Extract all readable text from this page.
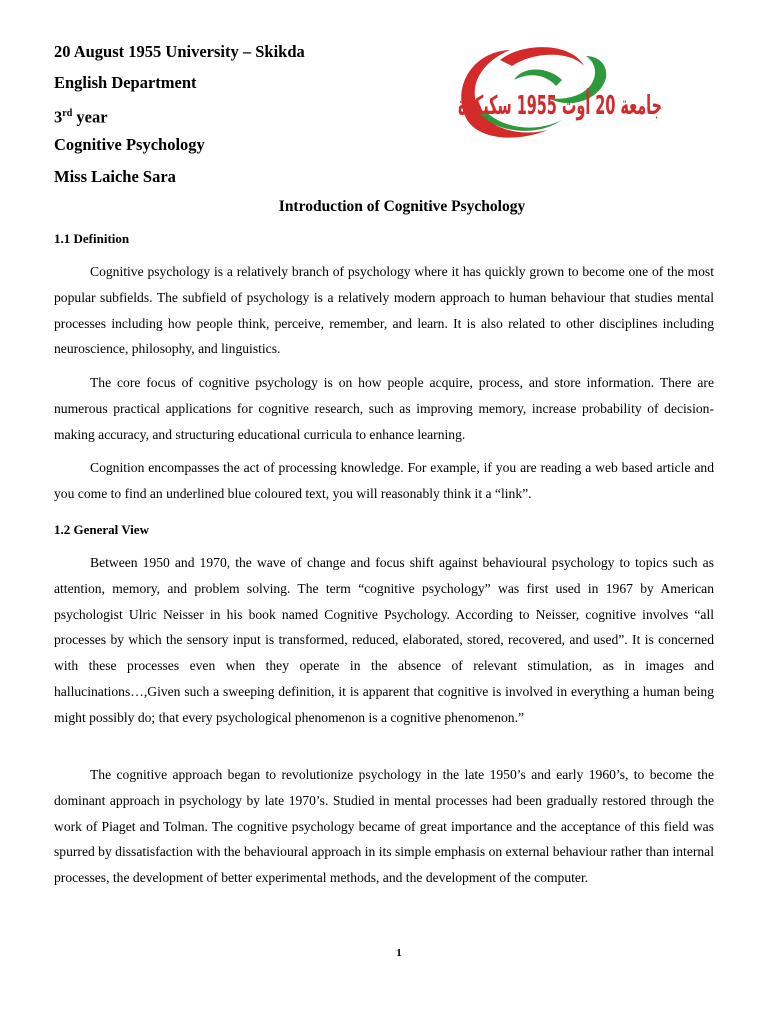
20 August 1955 University – Skikda
English Department
3rd year
Cognitive Psychology
Miss Laiche Sara
جامعة 20 أوت 1955 سكيكدة
Introduction of Cognitive Psychology
1.1 Definition

Cognitive psychology is a relatively branch of psychology where it has quickly grown to become one of the most popular subfields. The subfield of psychology is a relatively modern approach to human behaviour that studies mental processes including how people think, perceive, remember, and learn. It is also related to other disciplines including neuroscience, philosophy, and linguistics.

The core focus of cognitive psychology is on how people acquire, process, and store information. There are numerous practical applications for cognitive research, such as improving memory, increase probability of decision-making accuracy, and structuring educational curricula to enhance learning.

Cognition encompasses the act of processing knowledge. For example, if you are reading a web based article and you come to find an underlined blue coloured text, you will reasonably think it a “link”.

1.2 General View

Between 1950 and 1970, the wave of change and focus shift against behavioural psychology to topics such as attention, memory, and problem solving. The term “cognitive psychology” was first used in 1967 by American psychologist Ulric Neisser in his book named Cognitive Psychology. According to Neisser, cognitive involves “all processes by which the sensory input is transformed, reduced, elaborated, stored, recovered, and used”. It is concerned with these processes even when they operate in the absence of relevant stimulation, as in images and hallucinations…,Given such a sweeping definition, it is apparent that cognitive is involved in everything a human being might possibly do; that every psychological phenomenon is a cognitive phenomenon.”

The cognitive approach began to revolutionize psychology in the late 1950’s and early 1960’s, to become the dominant approach in psychology by late 1970’s. Studied in mental processes had been gradually restored through the work of Piaget and Tolman. The cognitive psychology became of great importance and the acceptance of this field was spurred by dissatisfaction with the behavioural approach in its simple emphasis on external behaviour rather than internal processes, the development of better experimental methods, and the development of the computer.

1
